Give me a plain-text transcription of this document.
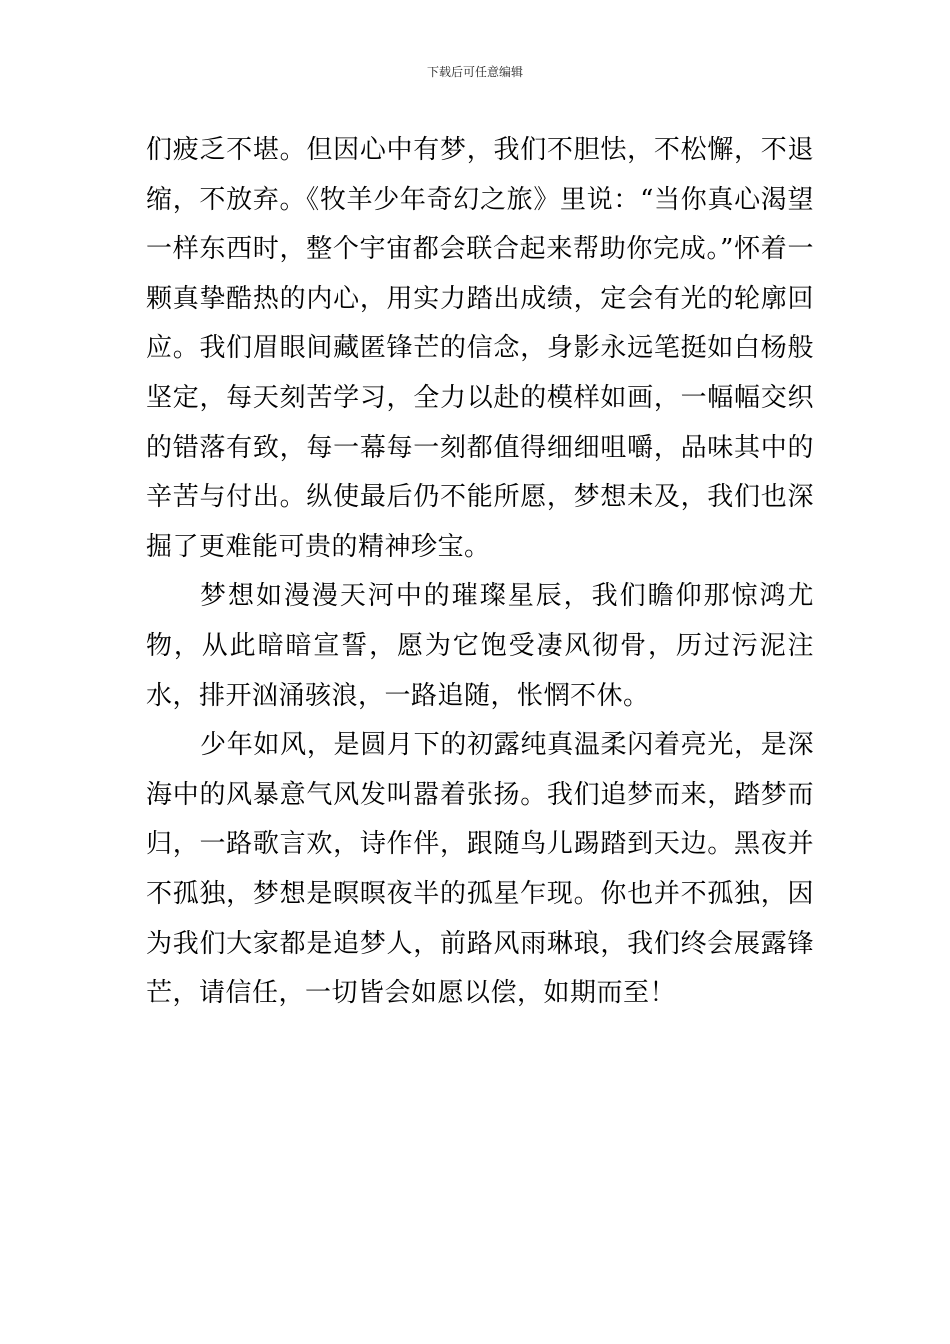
下载后可任意编辑

们疲乏不堪。但因心中有梦，我们不胆怯，不松懈，不退缩，不放弃。《牧羊少年奇幻之旅》里说：“当你真心渴望一样东西时，整个宇宙都会联合起来帮助你完成。”怀着一颗真挚酷热的内心，用实力踏出成绩，定会有光的轮廓回应。我们眉眼间藏匿锋芒的信念，身影永远笔挺如白杨般坚定，每天刻苦学习，全力以赴的模样如画，一幅幅交织的错落有致，每一幕每一刻都值得细细咀嚼，品味其中的辛苦与付出。纵使最后仍不能所愿，梦想未及，我们也深掘了更难能可贵的精神珍宝。

梦想如漫漫天河中的璀璨星辰，我们瞻仰那惊鸿尤物，从此暗暗宣誓，愿为它饱受凄风彻骨，历过污泥注水，排开汹涌骇浪，一路追随，怅惘不休。

少年如风，是圆月下的初露纯真温柔闪着亮光，是深海中的风暴意气风发叫嚣着张扬。我们追梦而来，踏梦而归，一路歌言欢，诗作伴，跟随鸟儿踢踏到天边。黑夜并不孤独，梦想是暝暝夜半的孤星乍现。你也并不孤独，因为我们大家都是追梦人，前路风雨琳琅，我们终会展露锋芒，请信任，一切皆会如愿以偿，如期而至！
